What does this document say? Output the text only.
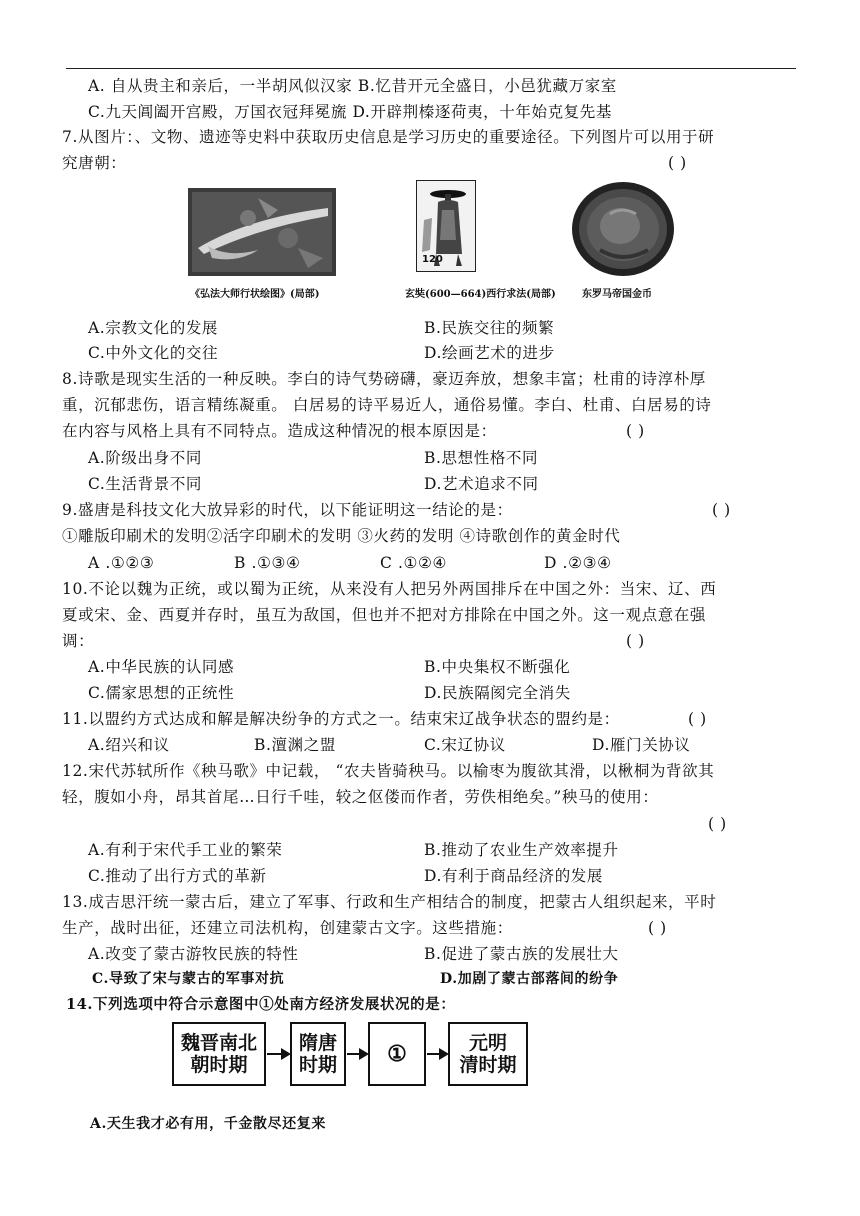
A. 自从贵主和亲后，一半胡风似汉家 B.忆昔开元全盛日，小邑犹藏万家室
C.九天阊阖开宫殿，万国衣冠拜冕旒 D.开辟荆榛逐荷夷，十年始克复先基
7.从图片：、文物、遗迹等史料中获取历史信息是学习历史的重要途径。下列图片可以用于研
究唐朝：	( )
《弘法大师行状绘图》(局部)
120
玄奘(600—664)西行求法(局部)	东罗马帝国金币
A.宗教文化的发展	B.民族交往的频繁
C.中外文化的交往	D.绘画艺术的进步
8.诗歌是现实生活的一种反映。李白的诗气势磅礴，豪迈奔放，想象丰富；杜甫的诗淳朴厚
重，沉郁悲伤，语言精练凝重。 白居易的诗平易近人，通俗易懂。李白、杜甫、白居易的诗
在内容与风格上具有不同特点。造成这种情况的根本原因是：	( )
A.阶级出身不同	B.思想性格不同
C.生活背景不同	D.艺术追求不同
9.盛唐是科技文化大放异彩的时代，以下能证明这一结论的是：	( )
①雕版印刷术的发明②活字印刷术的发明 ③火药的发明 ④诗歌创作的黄金时代
A .①②③	B .①③④	C .①②④	D .②③④
10.不论以魏为正统，或以蜀为正统，从来没有人把另外两国排斥在中国之外：当宋、辽、西
夏或宋、金、西夏并存时，虽互为敌国，但也并不把对方排除在中国之外。这一观点意在强
调：	( )
A.中华民族的认同感	B.中央集权不断强化
C.儒家思想的正统性	D.民族隔阂完全消失
11.以盟约方式达成和解是解决纷争的方式之一。结束宋辽战争状态的盟约是：	( )
A.绍兴和议	B.澶渊之盟	C.宋辽协议	D.雁门关协议
12.宋代苏轼所作《秧马歌》中记载， “农夫皆骑秧马。以榆枣为腹欲其滑，以楸桐为背欲其
轻，腹如小舟，昂其首尾…日行千哇，较之伛偻而作者，劳佚相绝矣。”秧马的使用：
( )
A.有利于宋代手工业的繁荣	B.推动了农业生产效率提升
C.推动了出行方式的革新	D.有利于商品经济的发展
13.成吉思汗统一蒙古后，建立了军事、行政和生产相结合的制度，把蒙古人组织起来，平时
生产，战时出征，还建立司法机构，创建蒙古文字。这些措施：	( )
A.改变了蒙古游牧民族的特性	B.促进了蒙古族的发展壮大
C.导致了宋与蒙古的军事对抗	D.加剧了蒙古部落间的纷争
14.下列选项中符合示意图中①处南方经济发展状况的是：
魏晋南北
朝时期
隋唐
时期	①	元明
清时期
A.天生我才必有用，千金散尽还复来
